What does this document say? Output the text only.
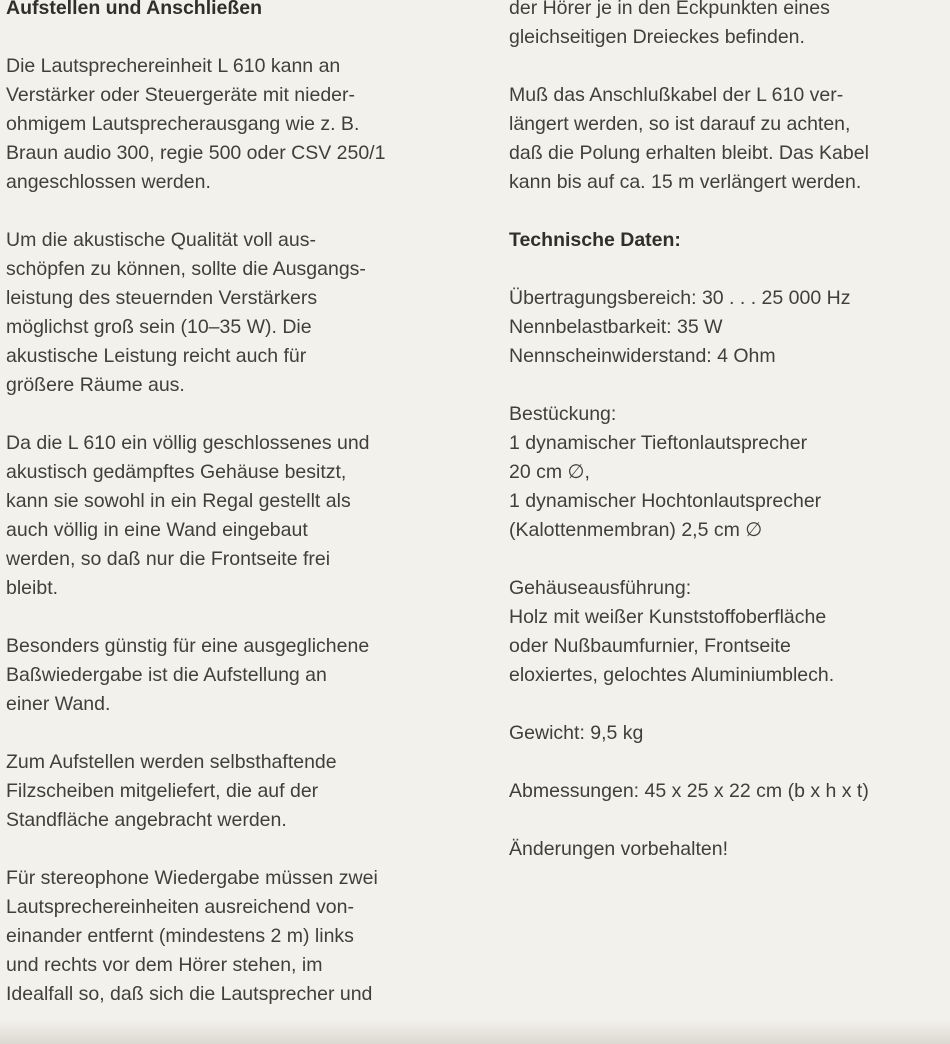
Aufstellen und Anschließen
Die Lautsprechereinheit L 610 kann an
Verstärker oder Steuergeräte mit nieder-
ohmigem Lautsprecherausgang wie z. B.
Braun audio 300, regie 500 oder CSV 250/1
angeschlossen werden.
Um die akustische Qualität voll aus-
schöpfen zu können, sollte die Ausgangs-
leistung des steuernden Verstärkers
möglichst groß sein (10–35 W). Die
akustische Leistung reicht auch für
größere Räume aus.
Da die L 610 ein völlig geschlossenes und
akustisch gedämpftes Gehäuse besitzt,
kann sie sowohl in ein Regal gestellt als
auch völlig in eine Wand eingebaut
werden, so daß nur die Frontseite frei
bleibt.
Besonders günstig für eine ausgeglichene
Baßwiedergabe ist die Aufstellung an
einer Wand.
Zum Aufstellen werden selbsthaftende
Filzscheiben mitgeliefert, die auf der
Standfläche angebracht werden.
Für stereophone Wiedergabe müssen zwei
Lautsprechereinheiten ausreichend von-
einander entfernt (mindestens 2 m) links
und rechts vor dem Hörer stehen, im
Idealfall so, daß sich die Lautsprecher und
der Hörer je in den Eckpunkten eines
gleichseitigen Dreieckes befinden.
Muß das Anschlußkabel der L 610 ver-
längert werden, so ist darauf zu achten,
daß die Polung erhalten bleibt. Das Kabel
kann bis auf ca. 15 m verlängert werden.
Technische Daten:
Übertragungsbereich: 30 . . . 25 000 Hz
Nennbelastbarkeit: 35 W
Nennscheinwiderstand: 4 Ohm
Bestückung:
1 dynamischer Tieftonlautsprecher
20 cm ∅,
1 dynamischer Hochtonlautsprecher
(Kalottenmembran) 2,5 cm ∅
Gehäuseausführung:
Holz mit weißer Kunststoffoberfläche
oder Nußbaumfurnier, Frontseite
eloxiertes, gelochtes Aluminiumblech.
Gewicht: 9,5 kg
Abmessungen: 45 x 25 x 22 cm (b x h x t)
Änderungen vorbehalten!
